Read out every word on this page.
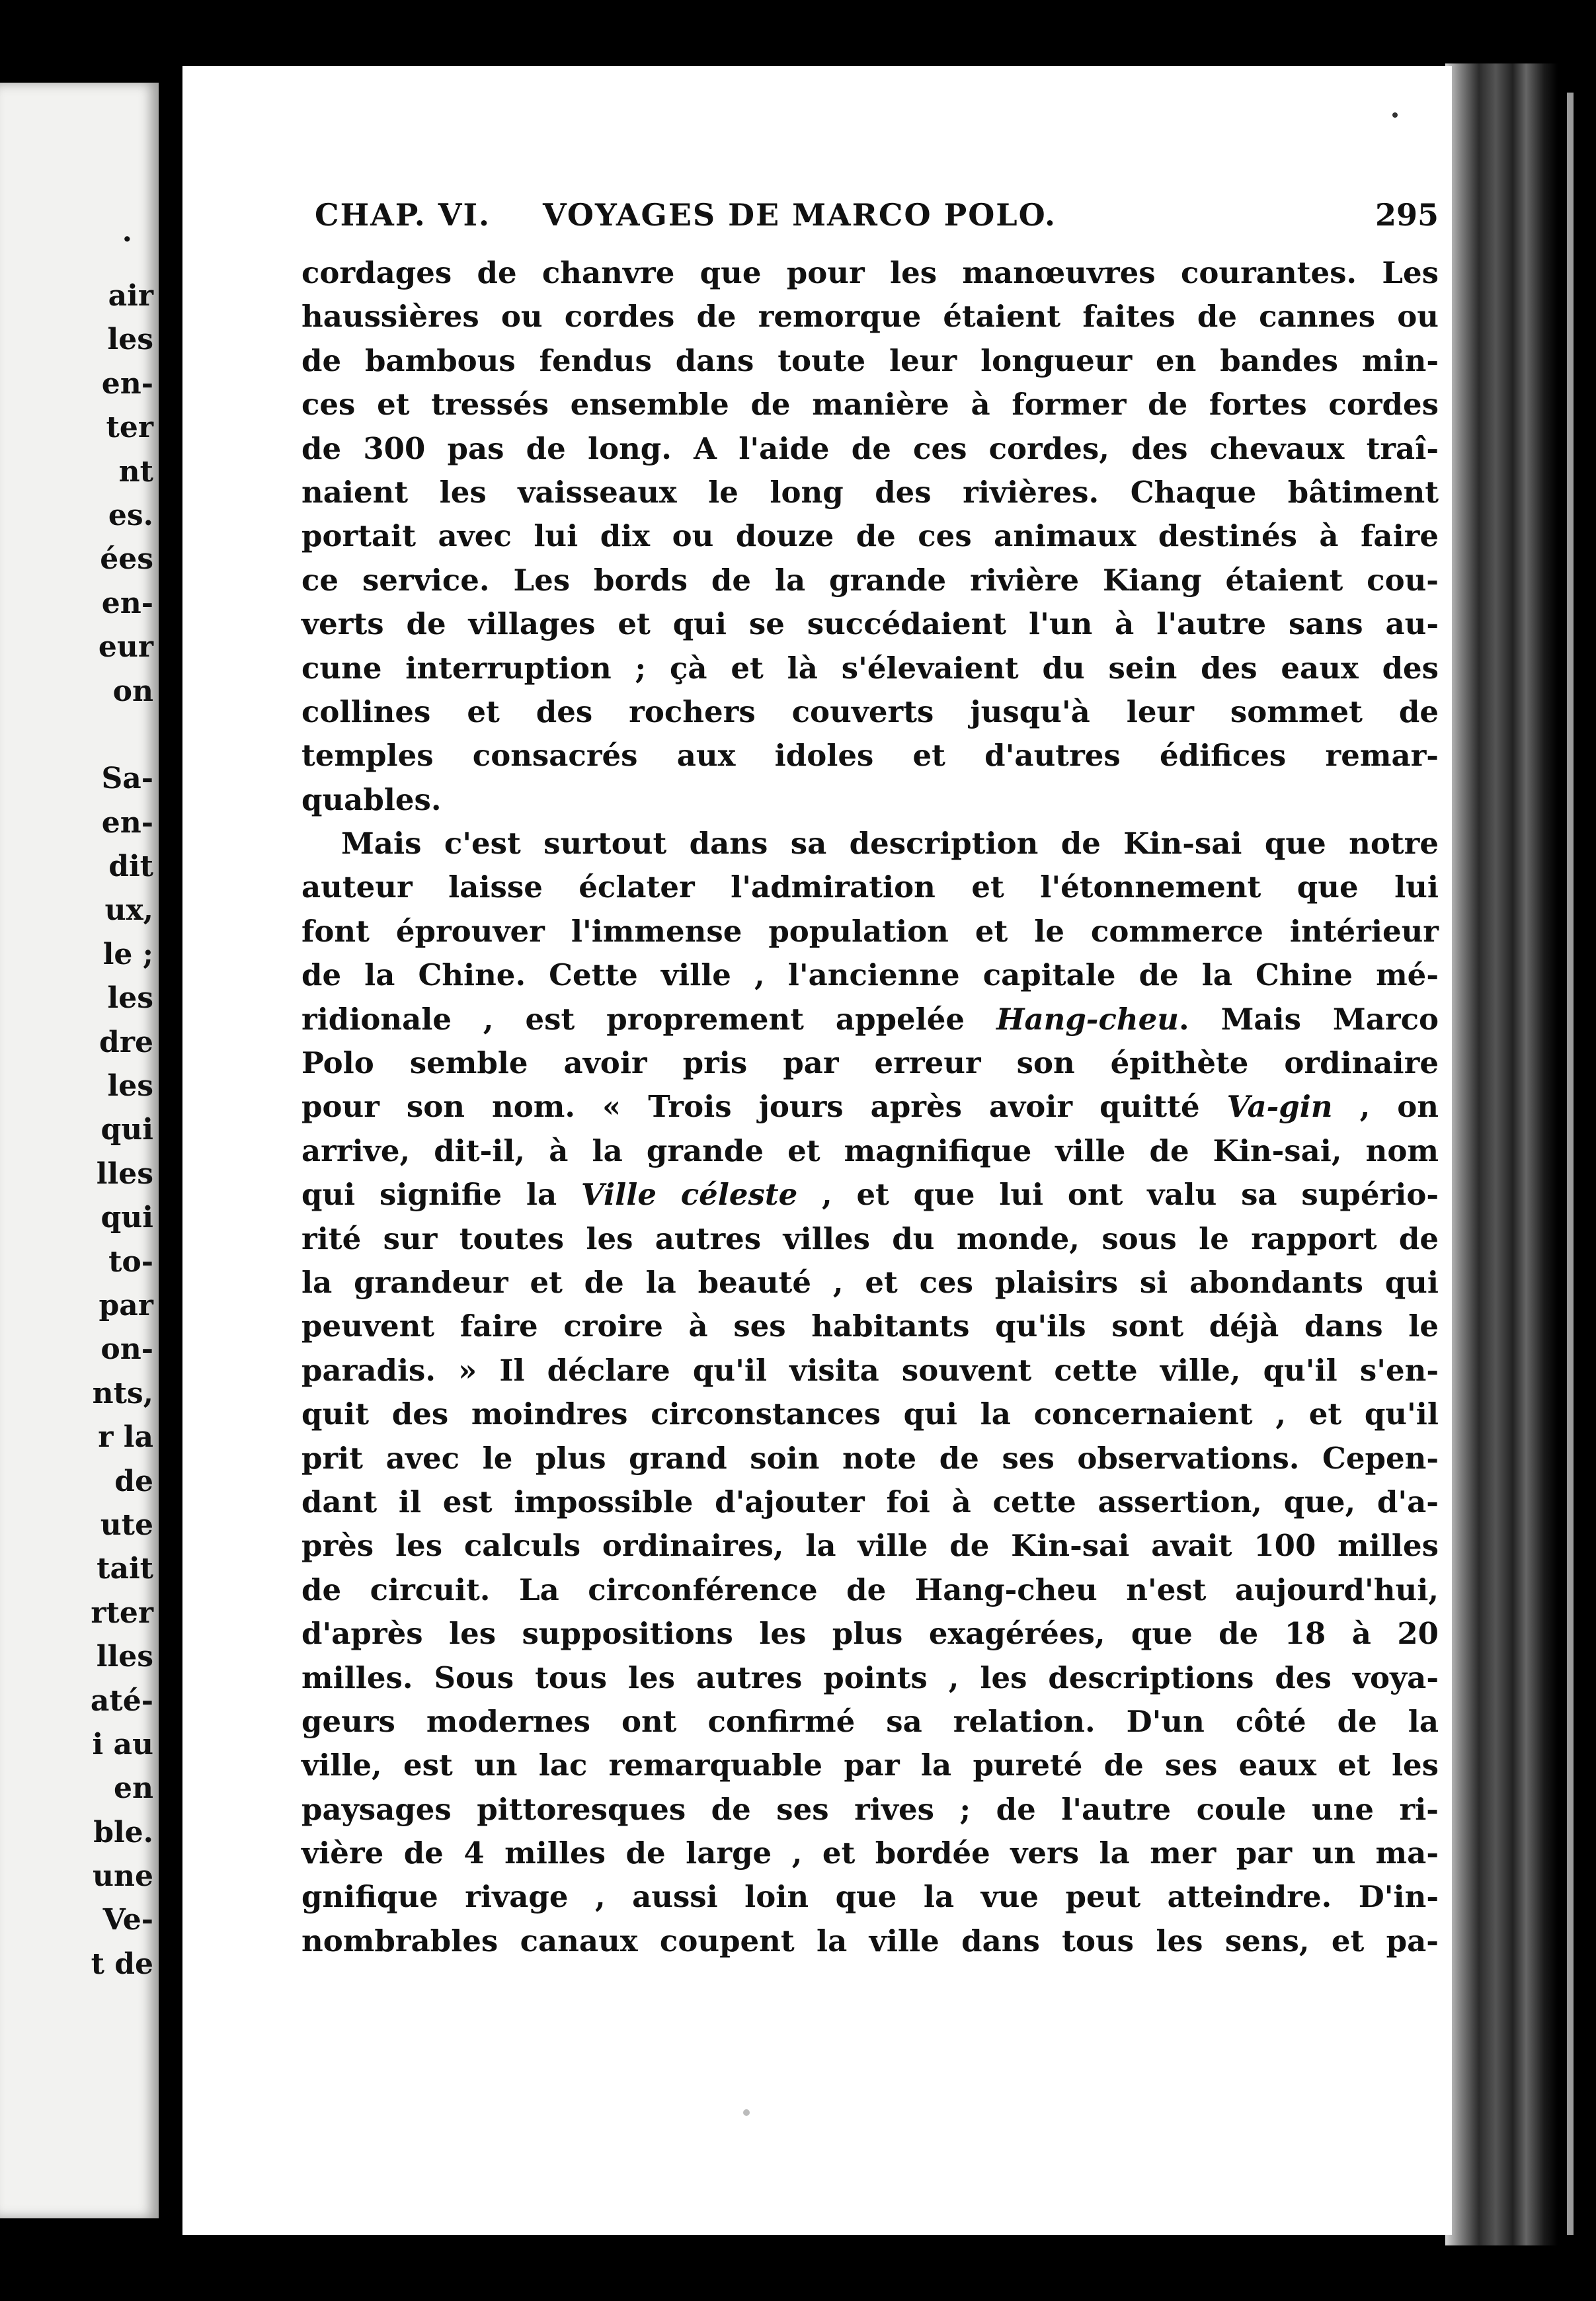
.
air
les
en-
ter
nt
es.
ées
en-
eur
on
Sa-
en-
dit
ux,
le ;
les
dre
les
qui
lles
qui
to-
par
on-
nts,
r la
de
ute
tait
rter
lles
até-
i au
en
ble.
une
Ve-
t de
CHAP. VI. VOYAGES DE MARCO POLO.	295
cordages de chanvre que pour les manœuvres courantes. Les
haussières ou cordes de remorque étaient faites de cannes ou
de bambous fendus dans toute leur longueur en bandes min-
ces et tressés ensemble de manière à former de fortes cordes
de 300 pas de long. A l'aide de ces cordes, des chevaux traî-
naient les vaisseaux le long des rivières. Chaque bâtiment
portait avec lui dix ou douze de ces animaux destinés à faire
ce service. Les bords de la grande rivière Kiang étaient cou-
verts de villages et qui se succédaient l'un à l'autre sans au-
cune interruption ; çà et là s'élevaient du sein des eaux des
collines et des rochers couverts jusqu'à leur sommet de
temples consacrés aux idoles et d'autres édifices remar-
quables.
Mais c'est surtout dans sa description de Kin-sai que notre
auteur laisse éclater l'admiration et l'étonnement que lui
font éprouver l'immense population et le commerce intérieur
de la Chine. Cette ville , l'ancienne capitale de la Chine mé-
ridionale , est proprement appelée Hang-cheu. Mais Marco
Polo semble avoir pris par erreur son épithète ordinaire
pour son nom. « Trois jours après avoir quitté Va-gin , on
arrive, dit-il, à la grande et magnifique ville de Kin-sai, nom
qui signifie la Ville céleste , et que lui ont valu sa supério-
rité sur toutes les autres villes du monde, sous le rapport de
la grandeur et de la beauté , et ces plaisirs si abondants qui
peuvent faire croire à ses habitants qu'ils sont déjà dans le
paradis. » Il déclare qu'il visita souvent cette ville, qu'il s'en-
quit des moindres circonstances qui la concernaient , et qu'il
prit avec le plus grand soin note de ses observations. Cepen-
dant il est impossible d'ajouter foi à cette assertion, que, d'a-
près les calculs ordinaires, la ville de Kin-sai avait 100 milles
de circuit. La circonférence de Hang-cheu n'est aujourd'hui,
d'après les suppositions les plus exagérées, que de 18 à 20
milles. Sous tous les autres points , les descriptions des voya-
geurs modernes ont confirmé sa relation. D'un côté de la
ville, est un lac remarquable par la pureté de ses eaux et les
paysages pittoresques de ses rives ; de l'autre coule une ri-
vière de 4 milles de large , et bordée vers la mer par un ma-
gnifique rivage , aussi loin que la vue peut atteindre. D'in-
nombrables canaux coupent la ville dans tous les sens, et pa-
